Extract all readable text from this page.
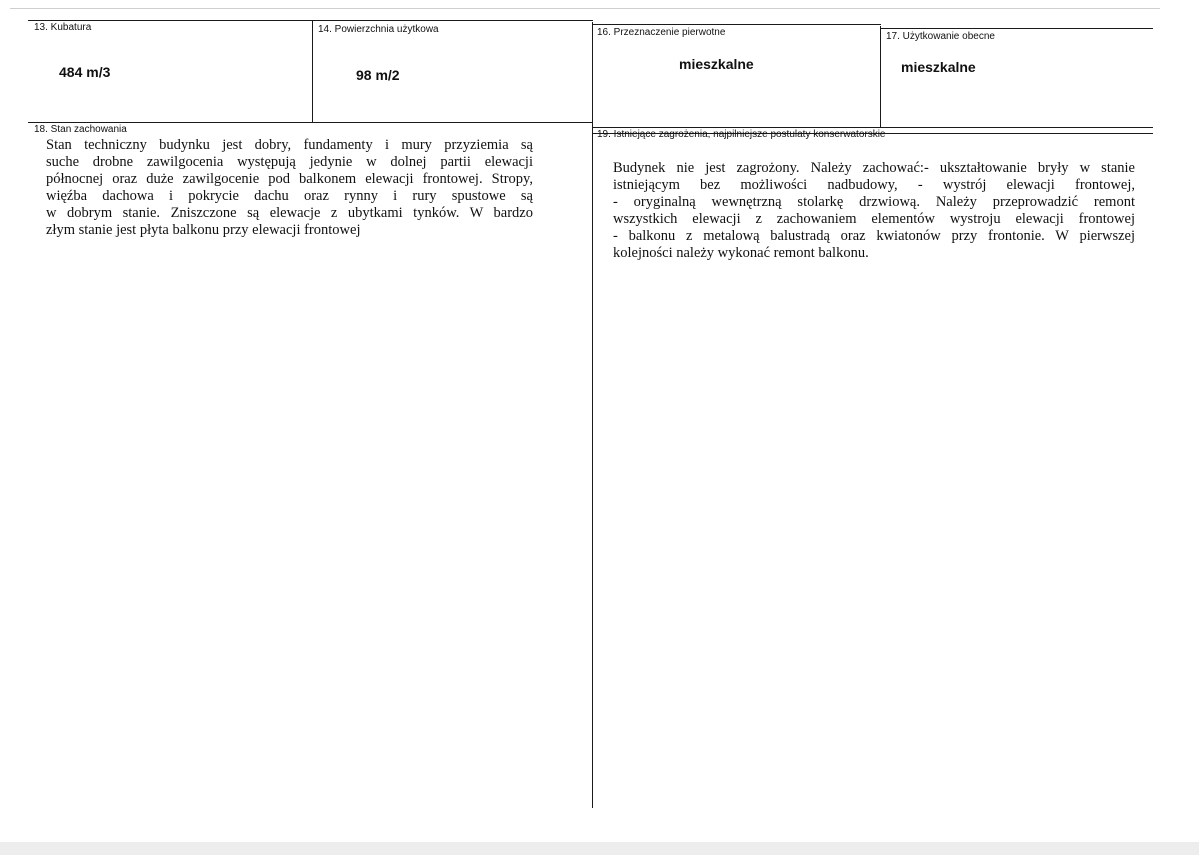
13. Kubatura
484 m/3
14. Powierzchnia użytkowa
98 m/2
16. Przeznaczenie pierwotne
mieszkalne
17. Użytkowanie obecne
mieszkalne
18. Stan zachowania
Stan techniczny budynku jest dobry, fundamenty i mury przyziemia są
suche drobne zawilgocenia występują jedynie w dolnej partii elewacji
północnej oraz duże zawilgocenie pod balkonem elewacji frontowej. Stropy,
więźba dachowa i pokrycie dachu oraz rynny i rury spustowe są
w dobrym stanie. Zniszczone są elewacje z ubytkami tynków. W bardzo
złym stanie jest płyta balkonu przy elewacji frontowej
19. Istniejące zagrożenia, najpilniejsze postulaty konserwatorskie
Budynek nie jest zagrożony. Należy zachować:- ukształtowanie bryły w stanie
istniejącym bez możliwości nadbudowy, - wystrój elewacji frontowej,
- oryginalną wewnętrzną stolarkę drzwiową. Należy przeprowadzić remont
wszystkich elewacji z zachowaniem elementów wystroju elewacji frontowej
- balkonu z metalową balustradą oraz kwiatonów przy frontonie. W pierwszej
kolejności należy wykonać remont balkonu.
